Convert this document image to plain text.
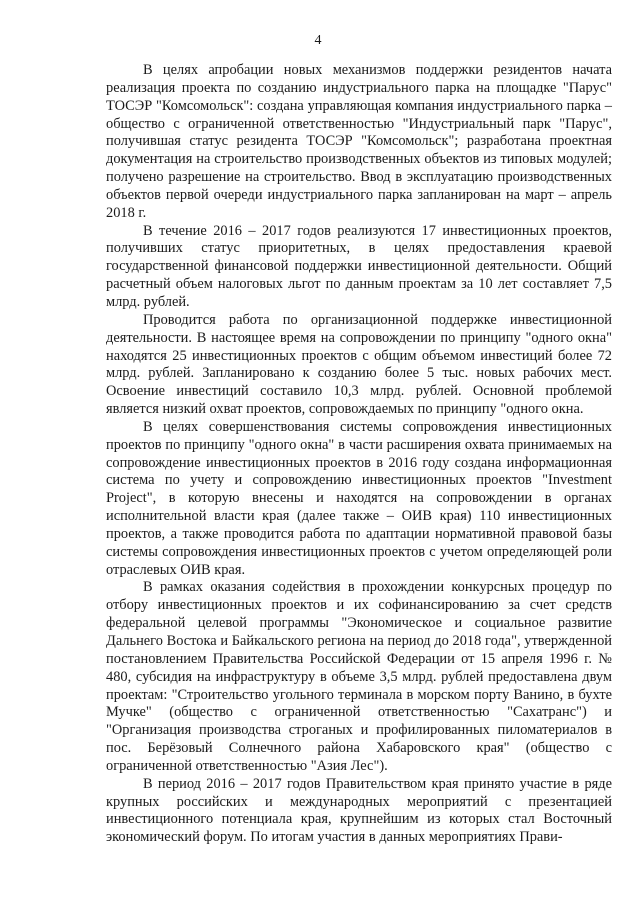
4

В целях апробации новых механизмов поддержки резидентов начата реализация проекта по созданию индустриального парка на площадке "Парус" ТОСЭР "Комсомольск": создана управляющая компания индустриального парка – общество с ограниченной ответственностью "Индустриальный парк "Парус", получившая статус резидента ТОСЭР "Комсомольск"; разработана проектная документация на строительство производственных объектов из типовых модулей; получено разрешение на строительство. Ввод в эксплуатацию производственных объектов первой очереди индустриального парка запланирован на март – апрель 2018 г.

В течение 2016 – 2017 годов реализуются 17 инвестиционных проектов, получивших статус приоритетных, в целях предоставления краевой государственной финансовой поддержки инвестиционной деятельности. Общий расчетный объем налоговых льгот по данным проектам за 10 лет составляет 7,5 млрд. рублей.

Проводится работа по организационной поддержке инвестиционной деятельности. В настоящее время на сопровождении по принципу "одного окна" находятся 25 инвестиционных проектов с общим объемом инвестиций более 72 млрд. рублей. Запланировано к созданию более 5 тыс. новых рабочих мест. Освоение инвестиций составило 10,3 млрд. рублей. Основной проблемой является низкий охват проектов, сопровождаемых по принципу "одного окна.

В целях совершенствования системы сопровождения инвестиционных проектов по принципу "одного окна" в части расширения охвата принимаемых на сопровождение инвестиционных проектов в 2016 году создана информационная система по учету и сопровождению инвестиционных проектов "Investment Project", в которую внесены и находятся на сопровождении в органах исполнительной власти края (далее также – ОИВ края) 110 инвестиционных проектов, а также проводится работа по адаптации нормативной правовой базы системы сопровождения инвестиционных проектов с учетом определяющей роли отраслевых ОИВ края.

В рамках оказания содействия в прохождении конкурсных процедур по отбору инвестиционных проектов и их софинансированию за счет средств федеральной целевой программы "Экономическое и социальное развитие Дальнего Востока и Байкальского региона на период до 2018 года", утвержденной постановлением Правительства Российской Федерации от 15 апреля 1996 г. № 480, субсидия на инфраструктуру в объеме 3,5 млрд. рублей предоставлена двум проектам: "Строительство угольного терминала в морском порту Ванино, в бухте Мучке" (общество с ограниченной ответственностью "Сахатранс") и "Организация производства строганых и профилированных пиломатериалов в пос. Берёзовый Солнечного района Хабаровского края" (общество с ограниченной ответственностью "Азия Лес").

В период 2016 – 2017 годов Правительством края принято участие в ряде крупных российских и международных мероприятий с презентацией инвестиционного потенциала края, крупнейшим из которых стал Восточный экономический форум. По итогам участия в данных мероприятиях Прави-
